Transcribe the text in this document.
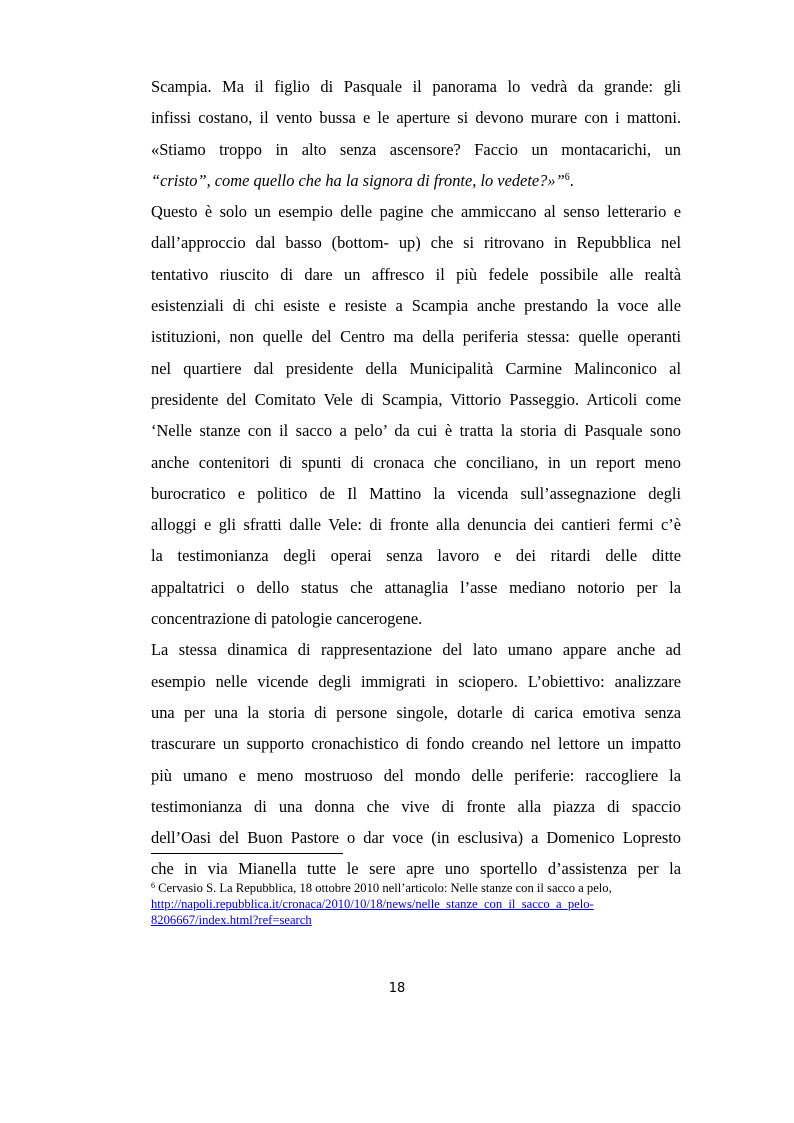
Scampia. Ma il figlio di Pasquale il panorama lo vedrà da grande: gli
infissi costano, il vento bussa e le aperture si devono murare con i mattoni.
«Stiamo troppo in alto senza ascensore? Faccio un montacarichi, un
“cristo”, come quello che ha la signora di fronte, lo vedete?»”$^6$.
Questo è solo un esempio delle pagine che ammiccano al senso letterario e
dall’approccio dal basso (bottom- up) che si ritrovano in Repubblica nel
tentativo riuscito di dare un affresco il più fedele possibile alle realtà
esistenziali di chi esiste e resiste a Scampia anche prestando la voce alle
istituzioni, non quelle del Centro ma della periferia stessa: quelle operanti
nel quartiere dal presidente della Municipalità Carmine Malinconico al
presidente del Comitato Vele di Scampia, Vittorio Passeggio. Articoli come
‘Nelle stanze con il sacco a pelo’ da cui è tratta la storia di Pasquale sono
anche contenitori di spunti di cronaca che conciliano, in un report meno
burocratico e politico de Il Mattino la vicenda sull’assegnazione degli
alloggi e gli sfratti dalle Vele: di fronte alla denuncia dei cantieri fermi c’è
la testimonianza degli operai senza lavoro e dei ritardi delle ditte
appaltatrici o dello status che attanaglia l’asse mediano notorio per la
concentrazione di patologie cancerogene.
La stessa dinamica di rappresentazione del lato umano appare anche ad
esempio nelle vicende degli immigrati in sciopero. L’obiettivo: analizzare
una per una la storia di persone singole, dotarle di carica emotiva senza
trascurare un supporto cronachistico di fondo creando nel lettore un impatto
più umano e meno mostruoso del mondo delle periferie: raccogliere la
testimonianza di una donna che vive di fronte alla piazza di spaccio
dell’Oasi del Buon Pastore o dar voce (in esclusiva) a Domenico Lopresto
che in via Mianella tutte le sere apre uno sportello d’assistenza per la
$^6$ Cervasio S. La Repubblica, 18 ottobre 2010 nell’articolo: Nelle stanze con il sacco a pelo,
http://napoli.repubblica.it/cronaca/2010/10/18/news/nelle_stanze_con_il_sacco_a_pelo-
8206667/index.html?ref=search
18
